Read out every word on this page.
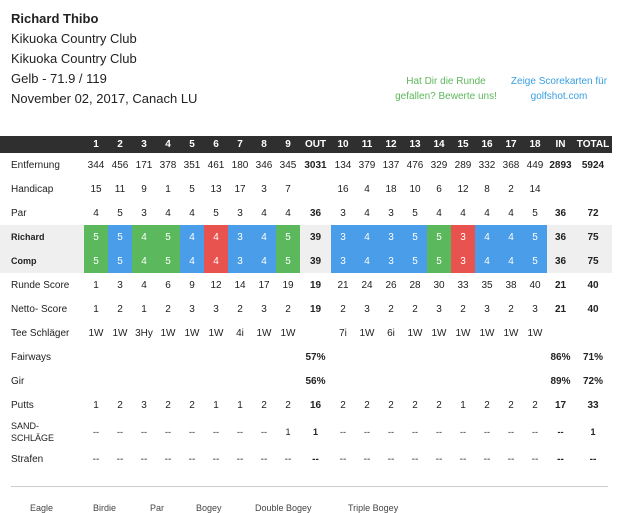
Richard Thibo
Kikuoka Country Club
Kikuoka Country Club
Gelb - 71.9 / 119
November 02, 2017, Canach LU
Hat Dir die Runde
gefallen? Bewerte uns!
Zeige Scorekarten für
golfshot.com
	1	2	3	4	5	6	7	8	9	OUT	10	11	12	13	14	15	16	17	18	IN	TOTAL
Entfernung	344	456	171	378	351	461	180	346	345	3031	134	379	137	476	329	289	332	368	449	2893	5924
Handicap	15	11	9	1	5	13	17	3	7		16	4	18	10	6	12	8	2	14		
Par	4	5	3	4	4	5	3	4	4	36	3	4	3	5	4	4	4	4	5	36	72
Richard	5	5	4	5	4	4	3	4	5	39	3	4	3	5	5	3	4	4	5	36	75
Comp	5	5	4	5	4	4	3	4	5	39	3	4	3	5	5	3	4	4	5	36	75
Runde Score	1	3	4	6	9	12	14	17	19	19	21	24	26	28	30	33	35	38	40	21	40
Netto- Score	1	2	1	2	3	3	2	3	2	19	2	3	2	2	3	2	3	2	3	21	40
Tee Schläger	1W	1W	3Hy	1W	1W	1W	4i	1W	1W		7i	1W	6i	1W	1W	1W	1W	1W	1W		
Fairways										57%										86%	71%
Gir										56%										89%	72%
Putts	1	2	3	2	2	1	1	2	2	16	2	2	2	2	2	1	2	2	2	17	33

SAND-
SCHLÄGE	--	--	--	--	--	--	--	--	1	1	--	--	--	--	--	--	--	--	--	--	1
Strafen	--	--	--	--	--	--	--	--	--	--	--	--	--	--	--	--	--	--	--	--	--
Eagle	Birdie	Par	Bogey	Double Bogey	Triple Bogey
